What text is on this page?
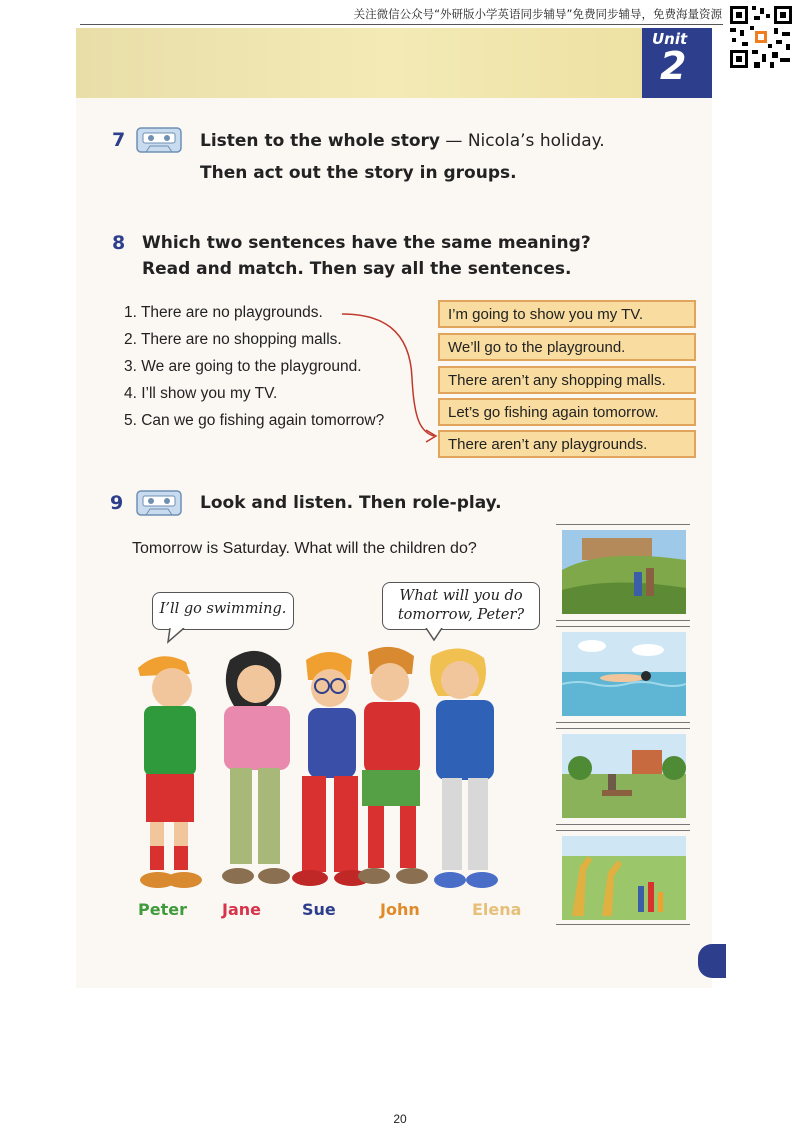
关注微信公众号“外研版小学英语同步辅导”免费同步辅导，免费海量资源
Unit
2
7	Listen to the whole story — Nicola’s holiday.
Then act out the story in groups.
8 Which two sentences have the same meaning?
Read and match. Then say all the sentences.
1. There are no playgrounds.
2. There are no shopping malls.
3. We are going to the playground.
4. I’ll show you my TV.
5. Can we go fishing again tomorrow?
I’m going to show you my TV.
We’ll go to the playground.
There aren’t any shopping malls.
Let’s go fishing again tomorrow.
There aren’t any playgrounds.
9	Look and listen. Then role-play.
Tomorrow is Saturday. What will the children do?
I’ll go swimming.
What will you do
tomorrow, Peter?
Peter Jane	Sue	John	Elena
20
